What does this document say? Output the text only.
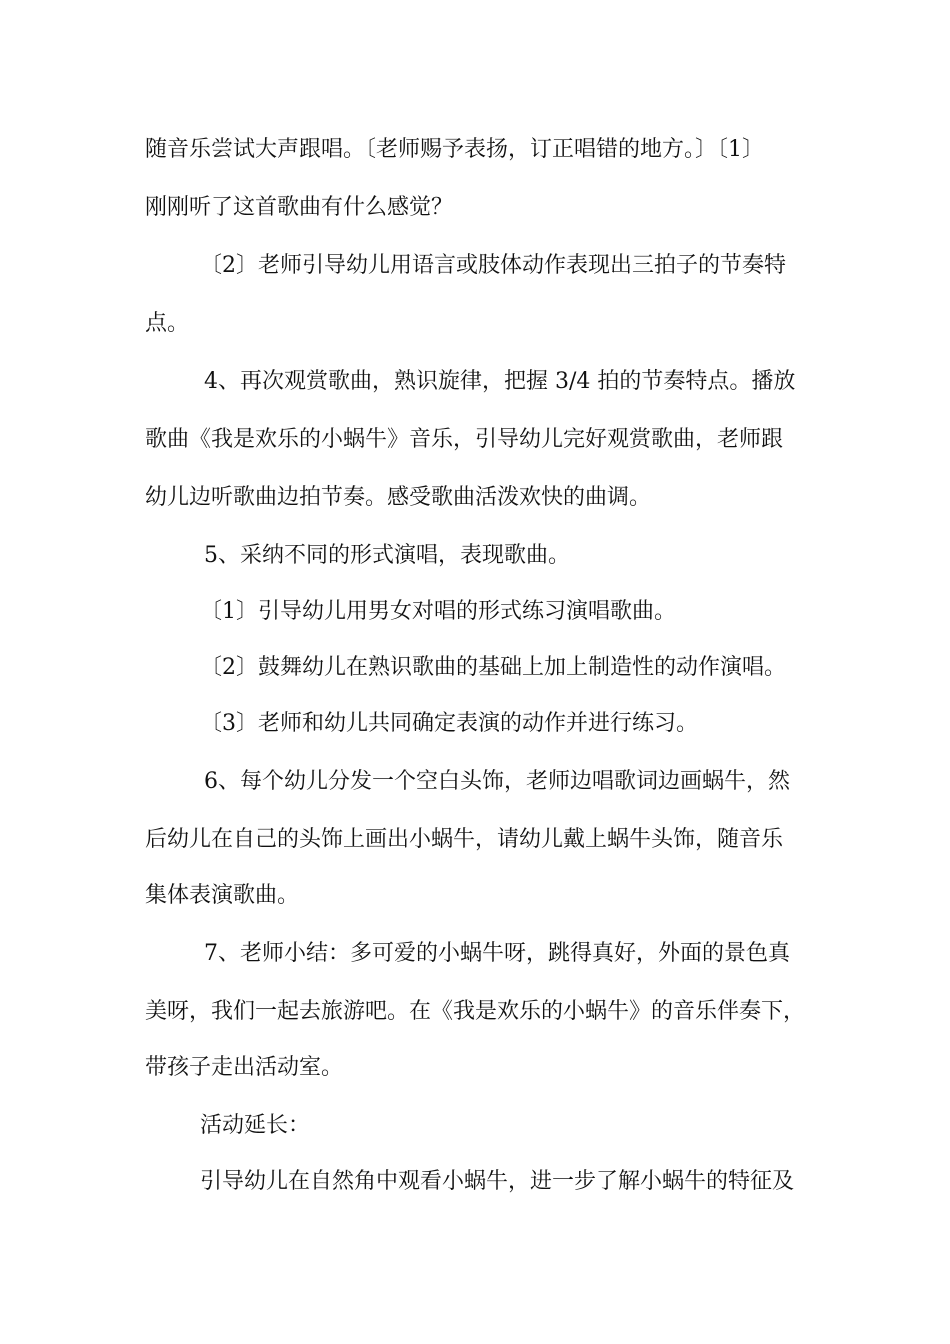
随音乐尝试大声跟唱。〔老师赐予表扬，订正唱错的地方。〕〔1〕
刚刚听了这首歌曲有什么感觉？
〔2〕老师引导幼儿用语言或肢体动作表现出三拍子的节奏特
点。
4、再次观赏歌曲，熟识旋律，把握 3/4 拍的节奏特点。播放
歌曲《我是欢乐的小蜗牛》音乐，引导幼儿完好观赏歌曲，老师跟
幼儿边听歌曲边拍节奏。感受歌曲活泼欢快的曲调。
5、采纳不同的形式演唱，表现歌曲。
〔1〕引导幼儿用男女对唱的形式练习演唱歌曲。
〔2〕鼓舞幼儿在熟识歌曲的基础上加上制造性的动作演唱。
〔3〕老师和幼儿共同确定表演的动作并进行练习。
6、每个幼儿分发一个空白头饰，老师边唱歌词边画蜗牛，然
后幼儿在自己的头饰上画出小蜗牛，请幼儿戴上蜗牛头饰，随音乐
集体表演歌曲。
7、老师小结：多可爱的小蜗牛呀，跳得真好，外面的景色真
美呀，我们一起去旅游吧。在《我是欢乐的小蜗牛》的音乐伴奏下，
带孩子走出活动室。
活动延长：
引导幼儿在自然角中观看小蜗牛，进一步了解小蜗牛的特征及
